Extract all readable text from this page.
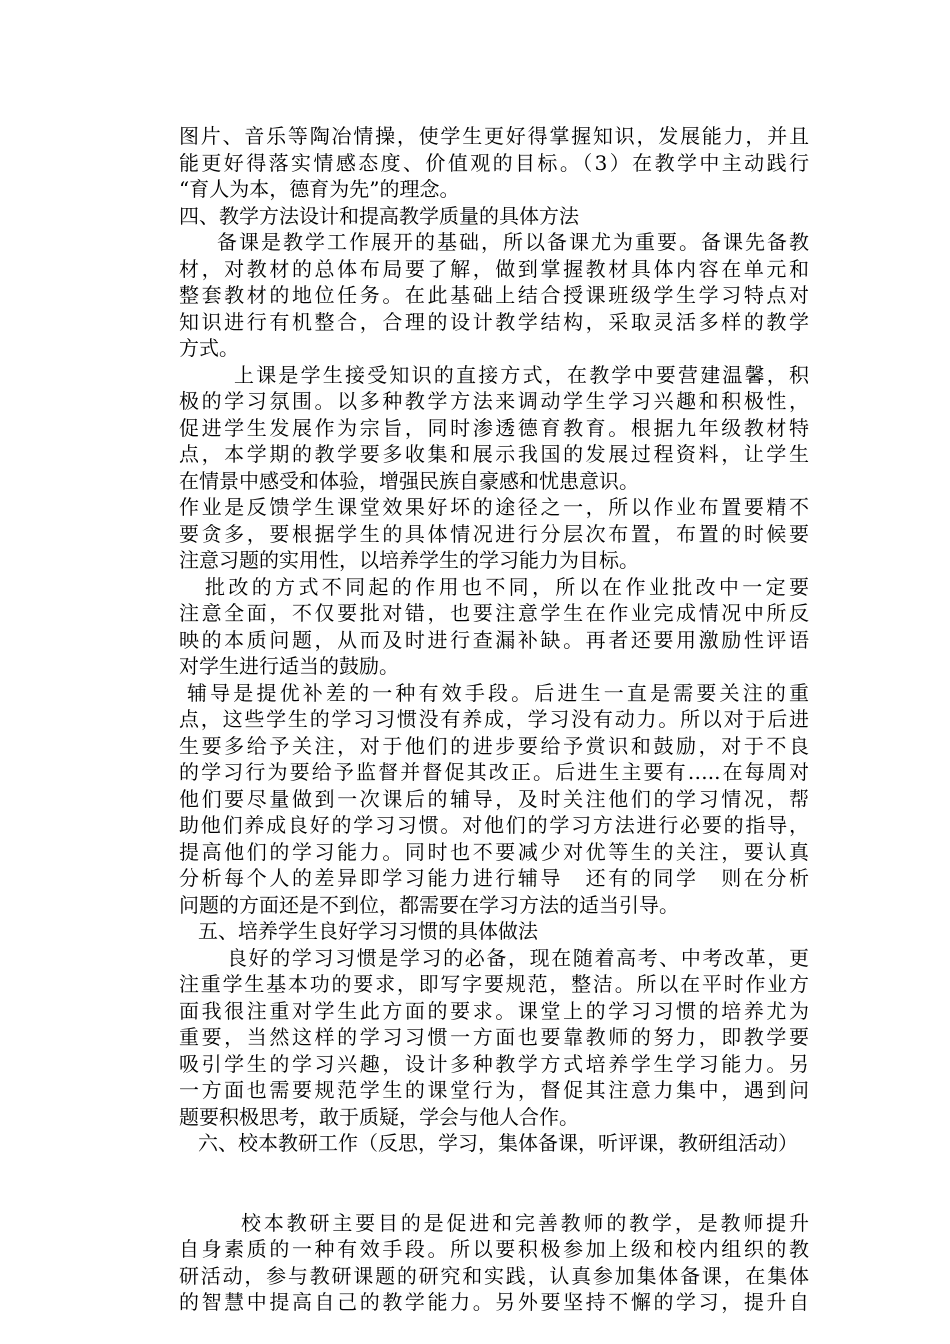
图片、音乐等陶冶情操，使学生更好得掌握知识，发展能力，并且
能更好得落实情感态度、价值观的目标。（3）在教学中主动践行
“育人为本，德育为先”的理念。
四、教学方法设计和提高教学质量的具体方法
备课是教学工作展开的基础，所以备课尤为重要。备课先备教
材，对教材的总体布局要了解，做到掌握教材具体内容在单元和
整套教材的地位任务。在此基础上结合授课班级学生学习特点对
知识进行有机整合，合理的设计教学结构，采取灵活多样的教学
方式。
上课是学生接受知识的直接方式，在教学中要营建温馨，积
极的学习氛围。以多种教学方法来调动学生学习兴趣和积极性，
促进学生发展作为宗旨，同时渗透德育教育。根据九年级教材特
点，本学期的教学要多收集和展示我国的发展过程资料，让学生
在情景中感受和体验，增强民族自豪感和忧患意识。
作业是反馈学生课堂效果好坏的途径之一，所以作业布置要精不
要贪多，要根据学生的具体情况进行分层次布置，布置的时候要
注意习题的实用性，以培养学生的学习能力为目标。
批改的方式不同起的作用也不同，所以在作业批改中一定要
注意全面，不仅要批对错，也要注意学生在作业完成情况中所反
映的本质问题，从而及时进行查漏补缺。再者还要用激励性评语
对学生进行适当的鼓励。
辅导是提优补差的一种有效手段。后进生一直是需要关注的重
点，这些学生的学习习惯没有养成，学习没有动力。所以对于后进
生要多给予关注，对于他们的进步要给予赏识和鼓励，对于不良
的学习行为要给予监督并督促其改正。后进生主要有…..在每周对
他们要尽量做到一次课后的辅导，及时关注他们的学习情况，帮
助他们养成良好的学习习惯。对他们的学习方法进行必要的指导，
提高他们的学习能力。同时也不要减少对优等生的关注，要认真
分析每个人的差异即学习能力进行辅导　还有的同学　则在分析
问题的方面还是不到位，都需要在学习方法的适当引导。
五、培养学生良好学习习惯的具体做法
良好的学习习惯是学习的必备，现在随着高考、中考改革，更
注重学生基本功的要求，即写字要规范，整洁。所以在平时作业方
面我很注重对学生此方面的要求。课堂上的学习习惯的培养尤为
重要，当然这样的学习习惯一方面也要靠教师的努力，即教学要
吸引学生的学习兴趣，设计多种教学方式培养学生学习能力。另
一方面也需要规范学生的课堂行为，督促其注意力集中，遇到问
题要积极思考，敢于质疑，学会与他人合作。
六、校本教研工作（反思，学习，集体备课，听评课，教研组活动）
校本教研主要目的是促进和完善教师的教学，是教师提升
自身素质的一种有效手段。所以要积极参加上级和校内组织的教
研活动，参与教研课题的研究和实践，认真参加集体备课，在集体
的智慧中提高自己的教学能力。另外要坚持不懈的学习，提升自
